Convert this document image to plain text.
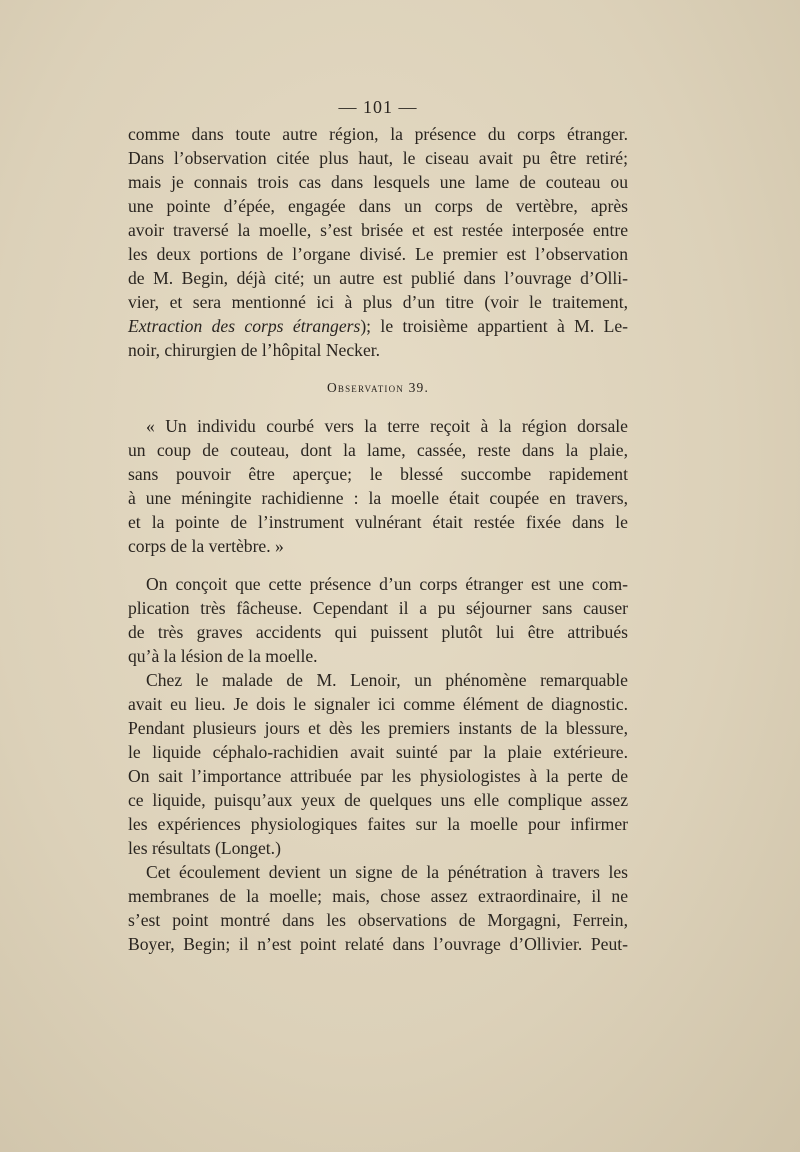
— 101 —
comme dans toute autre région, la présence du corps étranger.
Dans l’observation citée plus haut, le ciseau avait pu être retiré;
mais je connais trois cas dans lesquels une lame de couteau ou
une pointe d’épée, engagée dans un corps de vertèbre, après
avoir traversé la moelle, s’est brisée et est restée interposée entre
les deux portions de l’organe divisé. Le premier est l’observation
de M. Begin, déjà cité; un autre est publié dans l’ouvrage d’Olli-
vier, et sera mentionné ici à plus d’un titre (voir le traitement,
Extraction des corps étrangers); le troisième appartient à M. Le-
noir, chirurgien de l’hôpital Necker.
Observation 39.
« Un individu courbé vers la terre reçoit à la région dorsale
un coup de couteau, dont la lame, cassée, reste dans la plaie,
sans pouvoir être aperçue; le blessé succombe rapidement
à une méningite rachidienne : la moelle était coupée en travers,
et la pointe de l’instrument vulnérant était restée fixée dans le
corps de la vertèbre. »
On conçoit que cette présence d’un corps étranger est une com-
plication très fâcheuse. Cependant il a pu séjourner sans causer
de très graves accidents qui puissent plutôt lui être attribués
qu’à la lésion de la moelle.
Chez le malade de M. Lenoir, un phénomène remarquable
avait eu lieu. Je dois le signaler ici comme élément de diagnostic.
Pendant plusieurs jours et dès les premiers instants de la blessure,
le liquide céphalo-rachidien avait suinté par la plaie extérieure.
On sait l’importance attribuée par les physiologistes à la perte de
ce liquide, puisqu’aux yeux de quelques uns elle complique assez
les expériences physiologiques faites sur la moelle pour infirmer
les résultats (Longet.)
Cet écoulement devient un signe de la pénétration à travers les
membranes de la moelle; mais, chose assez extraordinaire, il ne
s’est point montré dans les observations de Morgagni, Ferrein,
Boyer, Begin; il n’est point relaté dans l’ouvrage d’Ollivier. Peut-
